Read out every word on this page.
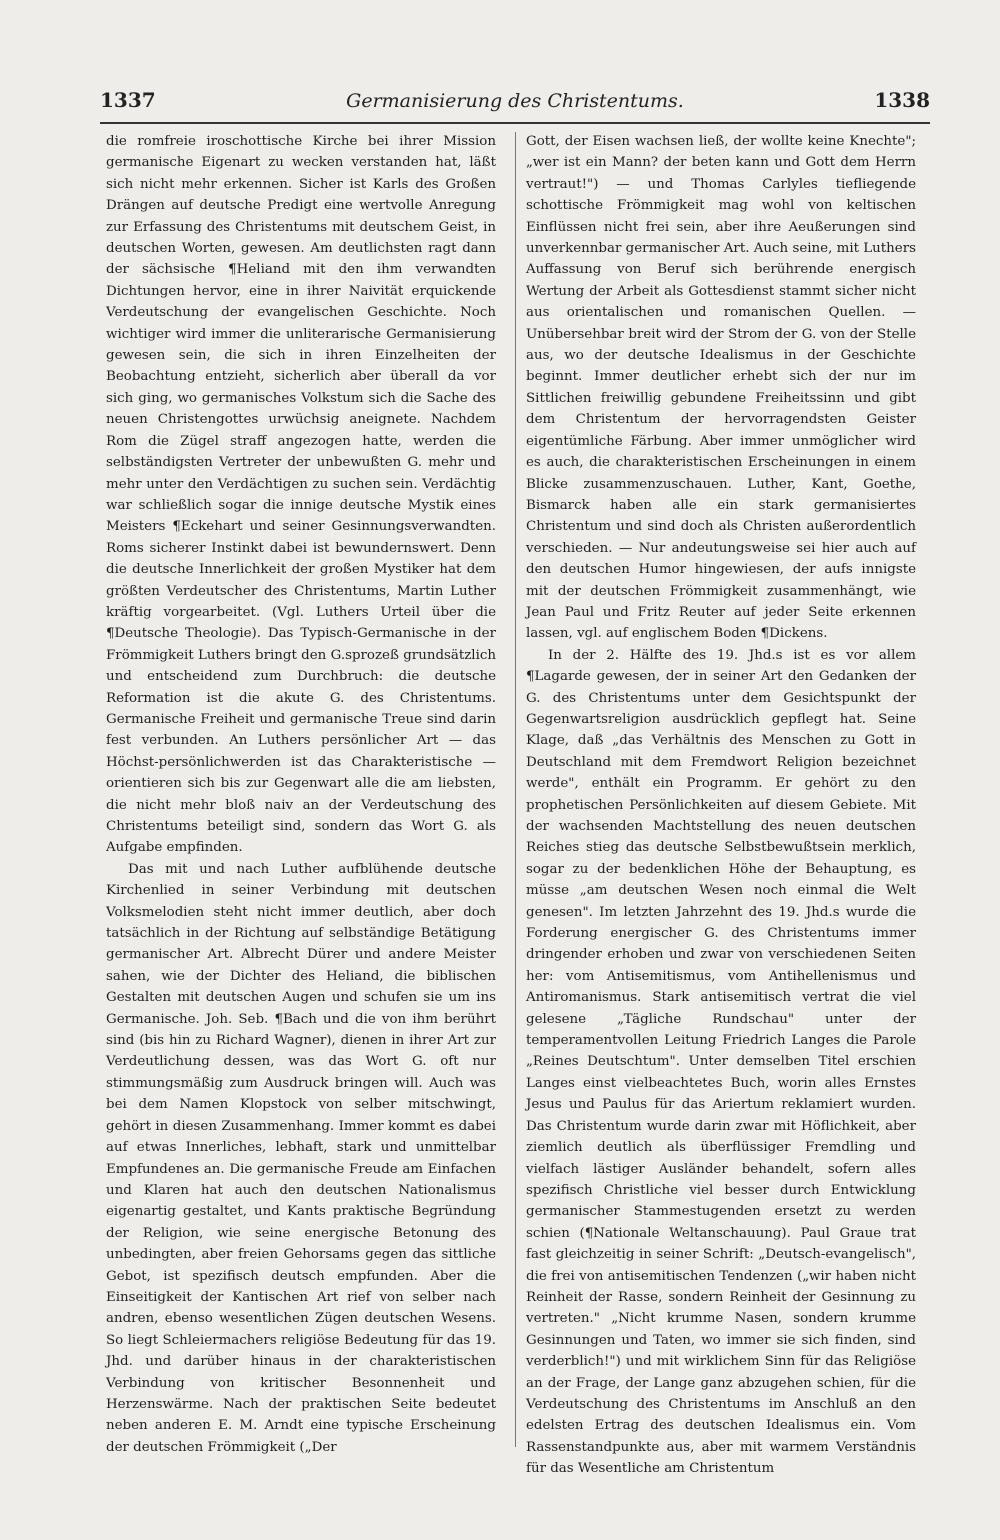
1337	Germanisierung des Christentums.	1338

die romfreie iroschottische Kirche bei ihrer Mission germanische Eigenart zu wecken verstanden hat, läßt sich nicht mehr erkennen. Sicher ist Karls des Großen Drängen auf deutsche Predigt eine wertvolle Anregung zur Erfassung des Christentums mit deutschem Geist, in deutschen Worten, gewesen. Am deutlichsten ragt dann der sächsische ¶Heliand mit den ihm verwandten Dichtungen hervor, eine in ihrer Naivität erquickende Verdeutschung der evangelischen Geschichte. Noch wichtiger wird immer die unliterarische Germanisierung gewesen sein, die sich in ihren Einzelheiten der Beobachtung entzieht, sicherlich aber überall da vor sich ging, wo germanisches Volkstum sich die Sache des neuen Christengottes urwüchsig aneignete. Nachdem Rom die Zügel straff angezogen hatte, werden die selbständigsten Vertreter der unbewußten G. mehr und mehr unter den Verdächtigen zu suchen sein. Verdächtig war schließlich sogar die innige deutsche Mystik eines Meisters ¶Eckehart und seiner Gesinnungsverwandten. Roms sicherer Instinkt dabei ist bewundernswert. Denn die deutsche Innerlichkeit der großen Mystiker hat dem größten Verdeutscher des Christentums, Martin Luther kräftig vorgearbeitet. (Vgl. Luthers Urteil über die ¶Deutsche Theologie). Das Typisch-Germanische in der Frömmigkeit Luthers bringt den G.sprozeß grundsätzlich und entscheidend zum Durchbruch: die deutsche Reformation ist die akute G. des Christentums. Germanische Freiheit und germanische Treue sind darin fest verbunden. An Luthers persönlicher Art — das Höchst-persönlichwerden ist das Charakteristische — orientieren sich bis zur Gegenwart alle die am liebsten, die nicht mehr bloß naiv an der Verdeutschung des Christentums beteiligt sind, sondern das Wort G. als Aufgabe empfinden.

Das mit und nach Luther aufblühende deutsche Kirchenlied in seiner Verbindung mit deutschen Volksmelodien steht nicht immer deutlich, aber doch tatsächlich in der Richtung auf selbständige Betätigung germanischer Art. Albrecht Dürer und andere Meister sahen, wie der Dichter des Heliand, die biblischen Gestalten mit deutschen Augen und schufen sie um ins Germanische. Joh. Seb. ¶Bach und die von ihm berührt sind (bis hin zu Richard Wagner), dienen in ihrer Art zur Verdeutlichung dessen, was das Wort G. oft nur stimmungsmäßig zum Ausdruck bringen will. Auch was bei dem Namen Klopstock von selber mitschwingt, gehört in diesen Zusammenhang. Immer kommt es dabei auf etwas Innerliches, lebhaft, stark und unmittelbar Empfundenes an. Die germanische Freude am Einfachen und Klaren hat auch den deutschen Nationalismus eigenartig gestaltet, und Kants praktische Begründung der Religion, wie seine energische Betonung des unbedingten, aber freien Gehorsams gegen das sittliche Gebot, ist spezifisch deutsch empfunden. Aber die Einseitigkeit der Kantischen Art rief von selber nach andren, ebenso wesentlichen Zügen deutschen Wesens. So liegt Schleiermachers religiöse Bedeutung für das 19. Jhd. und darüber hinaus in der charakteristischen Verbindung von kritischer Besonnenheit und Herzenswärme. Nach der praktischen Seite bedeutet neben anderen E. M. Arndt eine typische Erscheinung der deutschen Frömmigkeit („Der

Gott, der Eisen wachsen ließ, der wollte keine Knechte"; „wer ist ein Mann? der beten kann und Gott dem Herrn vertraut!") — und Thomas Carlyles tiefliegende schottische Frömmigkeit mag wohl von keltischen Einflüssen nicht frei sein, aber ihre Aeußerungen sind unverkennbar germanischer Art. Auch seine, mit Luthers Auffassung von Beruf sich berührende energisch Wertung der Arbeit als Gottesdienst stammt sicher nicht aus orientalischen und romanischen Quellen. — Unübersehbar breit wird der Strom der G. von der Stelle aus, wo der deutsche Idealismus in der Geschichte beginnt. Immer deutlicher erhebt sich der nur im Sittlichen freiwillig gebundene Freiheitssinn und gibt dem Christentum der hervorragendsten Geister eigentümliche Färbung. Aber immer unmöglicher wird es auch, die charakteristischen Erscheinungen in einem Blicke zusammenzuschauen. Luther, Kant, Goethe, Bismarck haben alle ein stark germanisiertes Christentum und sind doch als Christen außerordentlich verschieden. — Nur andeutungsweise sei hier auch auf den deutschen Humor hingewiesen, der aufs innigste mit der deutschen Frömmigkeit zusammenhängt, wie Jean Paul und Fritz Reuter auf jeder Seite erkennen lassen, vgl. auf englischem Boden ¶Dickens.

In der 2. Hälfte des 19. Jhd.s ist es vor allem ¶Lagarde gewesen, der in seiner Art den Gedanken der G. des Christentums unter dem Gesichtspunkt der Gegenwartsreligion ausdrücklich gepflegt hat. Seine Klage, daß „das Verhältnis des Menschen zu Gott in Deutschland mit dem Fremdwort Religion bezeichnet werde", enthält ein Programm. Er gehört zu den prophetischen Persönlichkeiten auf diesem Gebiete. Mit der wachsenden Machtstellung des neuen deutschen Reiches stieg das deutsche Selbstbewußtsein merklich, sogar zu der bedenklichen Höhe der Behauptung, es müsse „am deutschen Wesen noch einmal die Welt genesen". Im letzten Jahrzehnt des 19. Jhd.s wurde die Forderung energischer G. des Christentums immer dringender erhoben und zwar von verschiedenen Seiten her: vom Antisemitismus, vom Antihellenismus und Antiromanismus. Stark antisemitisch vertrat die viel gelesene „Tägliche Rundschau" unter der temperamentvollen Leitung Friedrich Langes die Parole „Reines Deutschtum". Unter demselben Titel erschien Langes einst vielbeachtetes Buch, worin alles Ernstes Jesus und Paulus für das Ariertum reklamiert wurden. Das Christentum wurde darin zwar mit Höflichkeit, aber ziemlich deutlich als überflüssiger Fremdling und vielfach lästiger Ausländer behandelt, sofern alles spezifisch Christliche viel besser durch Entwicklung germanischer Stammestugenden ersetzt zu werden schien (¶Nationale Weltanschauung). Paul Graue trat fast gleichzeitig in seiner Schrift: „Deutsch-evangelisch", die frei von antisemitischen Tendenzen („wir haben nicht Reinheit der Rasse, sondern Reinheit der Gesinnung zu vertreten." „Nicht krumme Nasen, sondern krumme Gesinnungen und Taten, wo immer sie sich finden, sind verderblich!") und mit wirklichem Sinn für das Religiöse an der Frage, der Lange ganz abzugehen schien, für die Verdeutschung des Christentums im Anschluß an den edelsten Ertrag des deutschen Idealismus ein. Vom Rassenstandpunkte aus, aber mit warmem Verständnis für das Wesentliche am Christentum
